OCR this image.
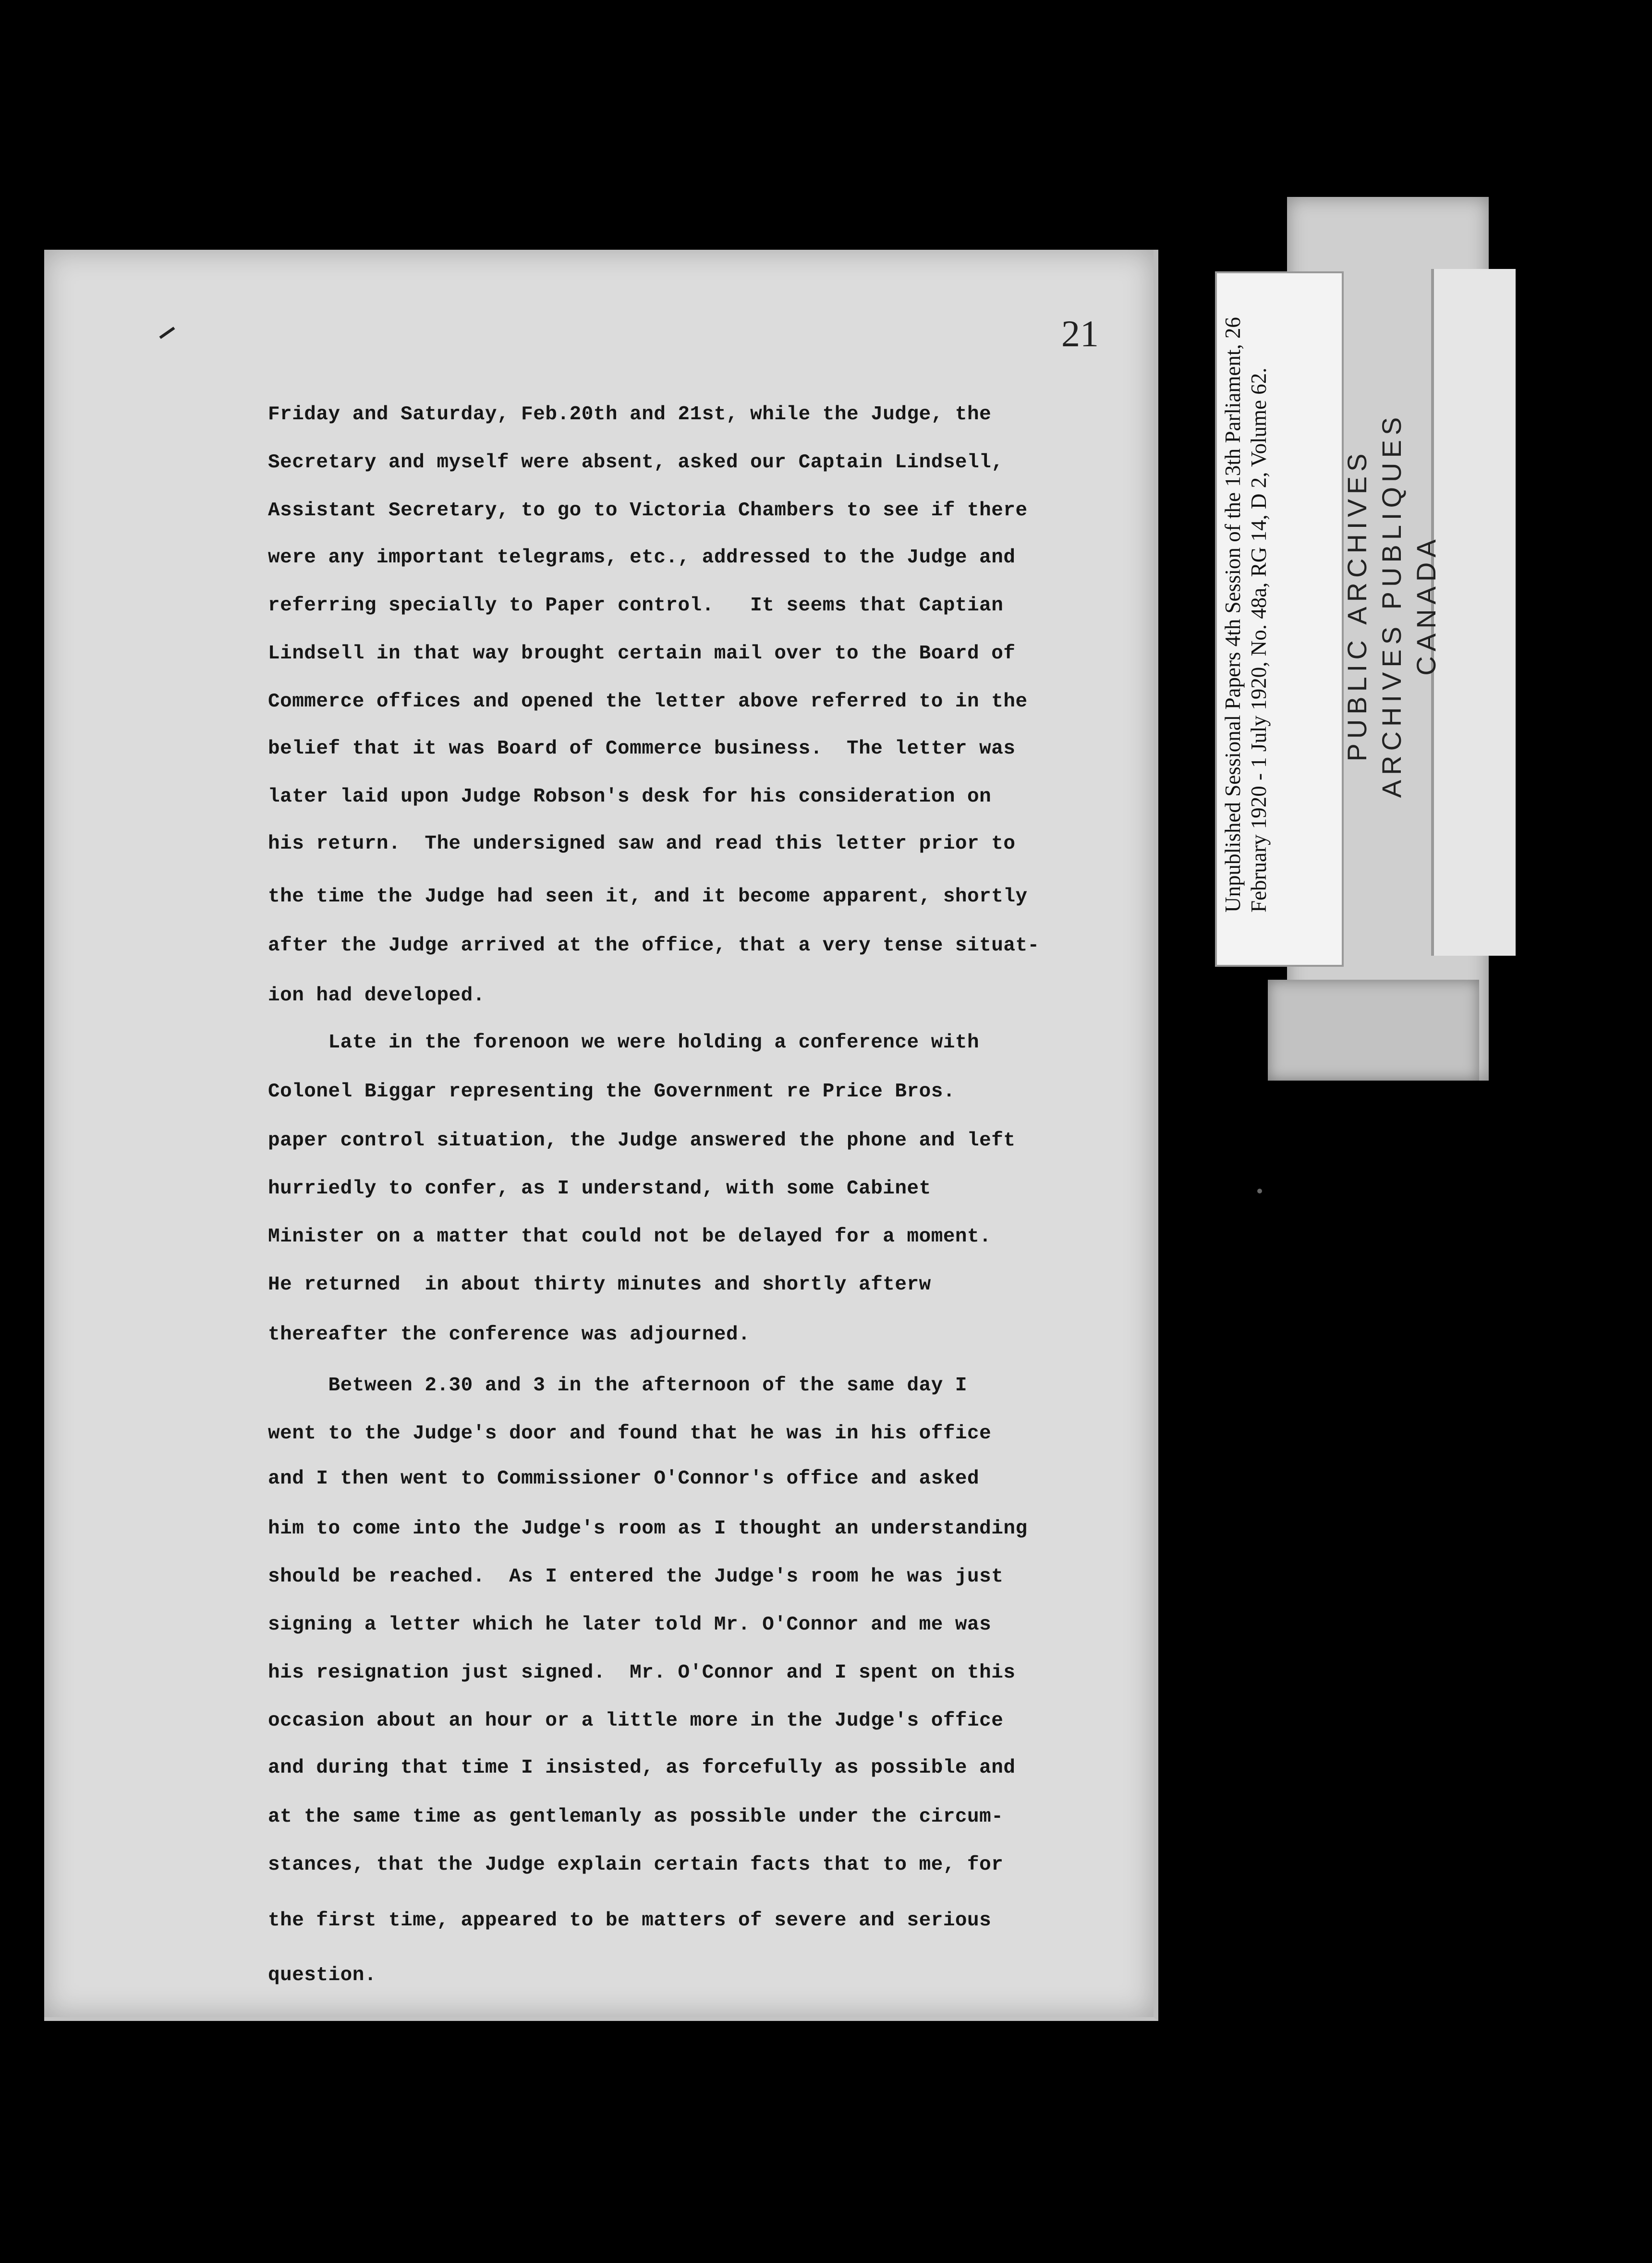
21

Friday and Saturday, Feb.20th and 21st, while the Judge, the

Secretary and myself were absent, asked our Captain Lindsell,

Assistant Secretary, to go to Victoria Chambers to see if there

were any important telegrams, etc., addressed to the Judge and

referring specially to Paper control.   It seems that Captian

Lindsell in that way brought certain mail over to the Board of

Commerce offices and opened the letter above referred to in the

belief that it was Board of Commerce business.  The letter was

later laid upon Judge Robson's desk for his consideration on

his return.  The undersigned saw and read this letter prior to

the time the Judge had seen it, and it become apparent, shortly

after the Judge arrived at the office, that a very tense situat-

ion had developed.

Late in the forenoon we were holding a conference with

Colonel Biggar representing the Government re Price Bros.

paper control situation, the Judge answered the phone and left

Unpublished Sessional Papers 4th Session of the 13th Parliament, 26 February 1920 - 1 July 1920, No. 48a, RG 14, D 2, Volume 62.	PUBLIC ARCHIVES ARCHIVES PUBLIQUES CANADA
